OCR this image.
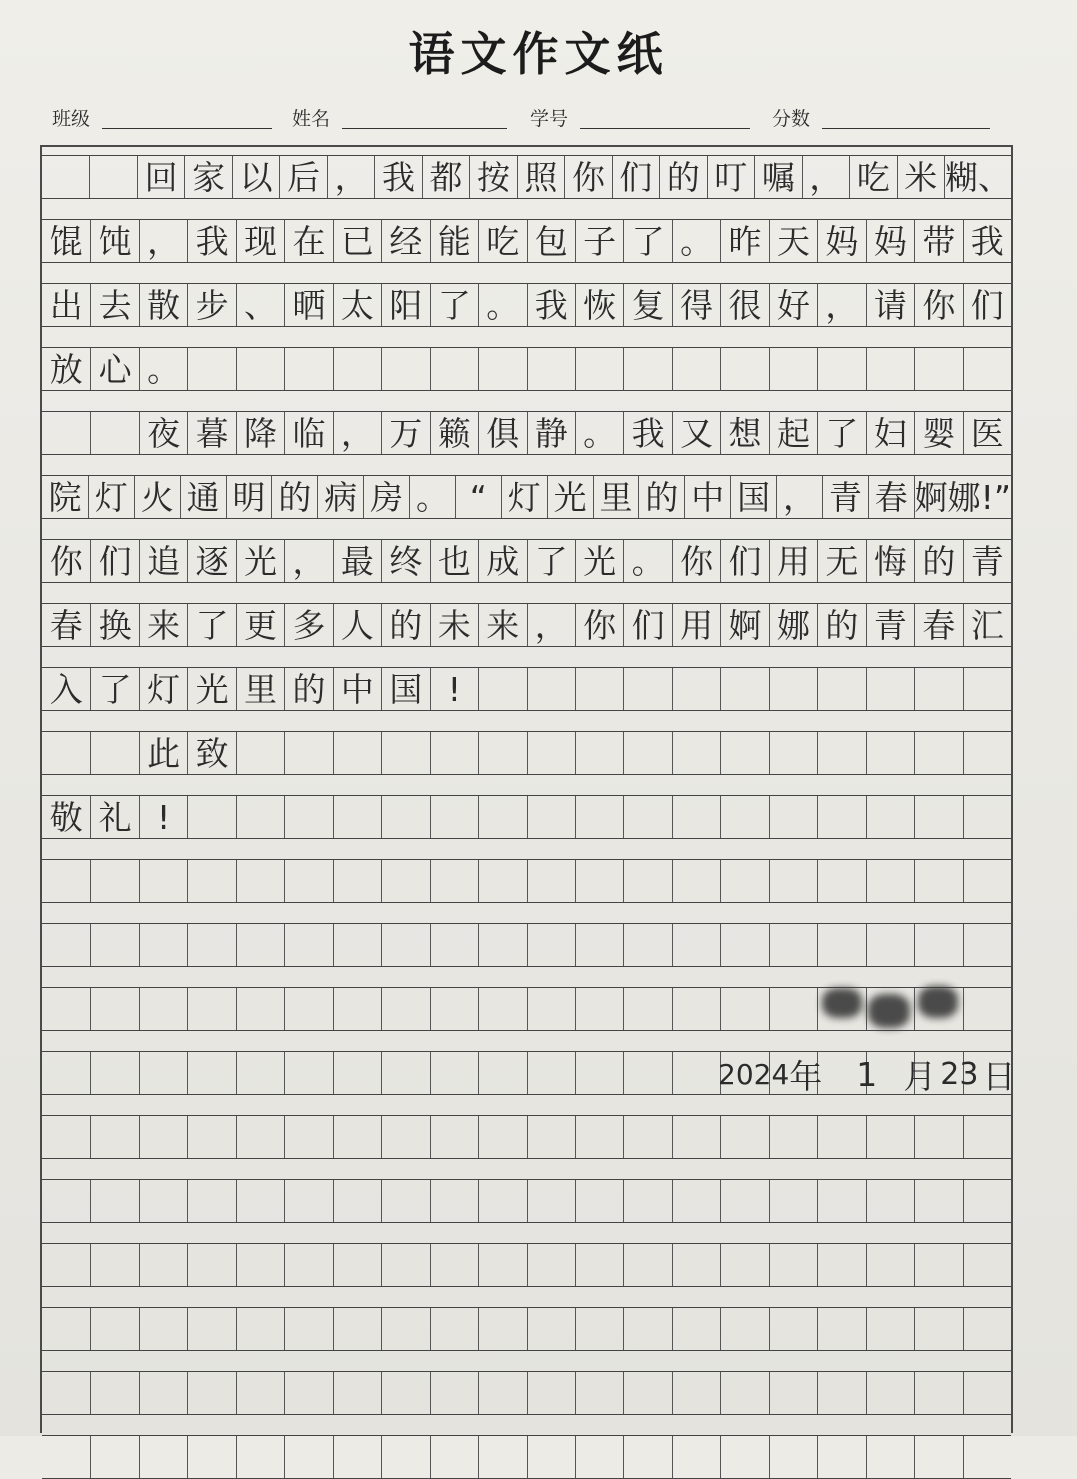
语文作文纸
班级	姓名	学号	分数
回 家 以 后 ， 我 都 按 照 你 们 的 叮 嘱 ， 吃 米 糊、
馄 饨 ， 我 现 在 已 经 能 吃 包 子 了 。 昨 天 妈 妈 带 我
出 去 散 步 、 晒 太 阳 了 。 我 恢 复 得 很 好 ， 请 你 们
放 心 。
夜 暮 降 临 ， 万 籁 俱 静 。 我 又 想 起 了 妇 婴 医
院 灯 火 通 明 的 病 房 。 “ 灯 光 里 的 中 国 ， 青 春 婀娜!”
你 们 追 逐 光 ， 最 终 也 成 了 光 。 你 们 用 无 悔 的 青
春 换 来 了 更 多 人 的 未 来 ， 你 们 用 婀 娜 的 青 春 汇
入 了 灯 光 里 的 中 国 !
此 致
敬 礼 !
2024 年 1 月 23 日
